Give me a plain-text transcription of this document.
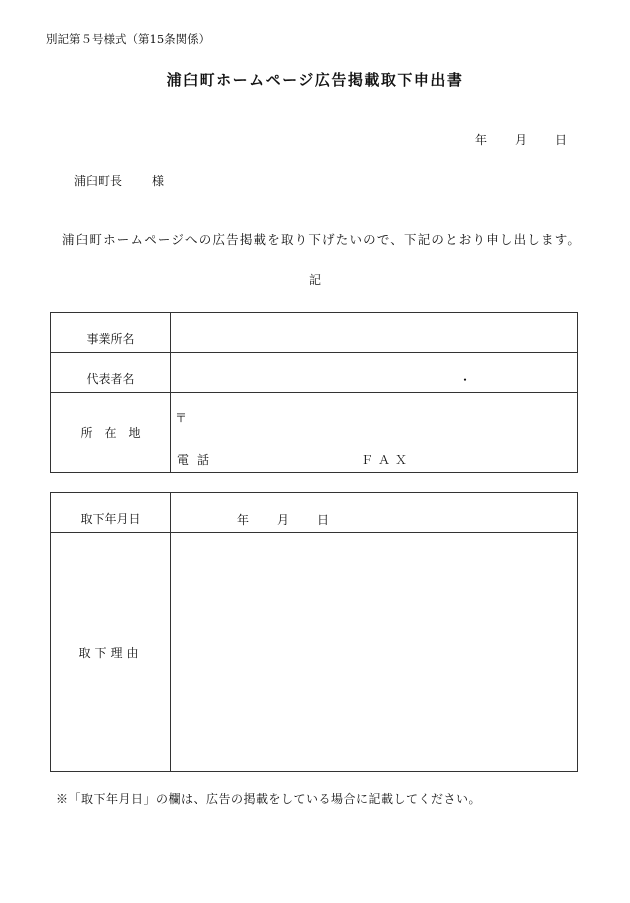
別記第５号様式（第15条関係）
浦臼町ホームページ広告掲載取下申出書
年 月 日
浦臼町長	様
浦臼町ホームページへの広告掲載を取り下げたいので、下記のとおり申し出します。
記
事業所名	
代表者名	・

所　在　地	〒
電話 ＦＡＸ
取下年月日	年 月 日

取下理由	
※「取下年月日」の欄は、広告の掲載をしている場合に記載してください。
